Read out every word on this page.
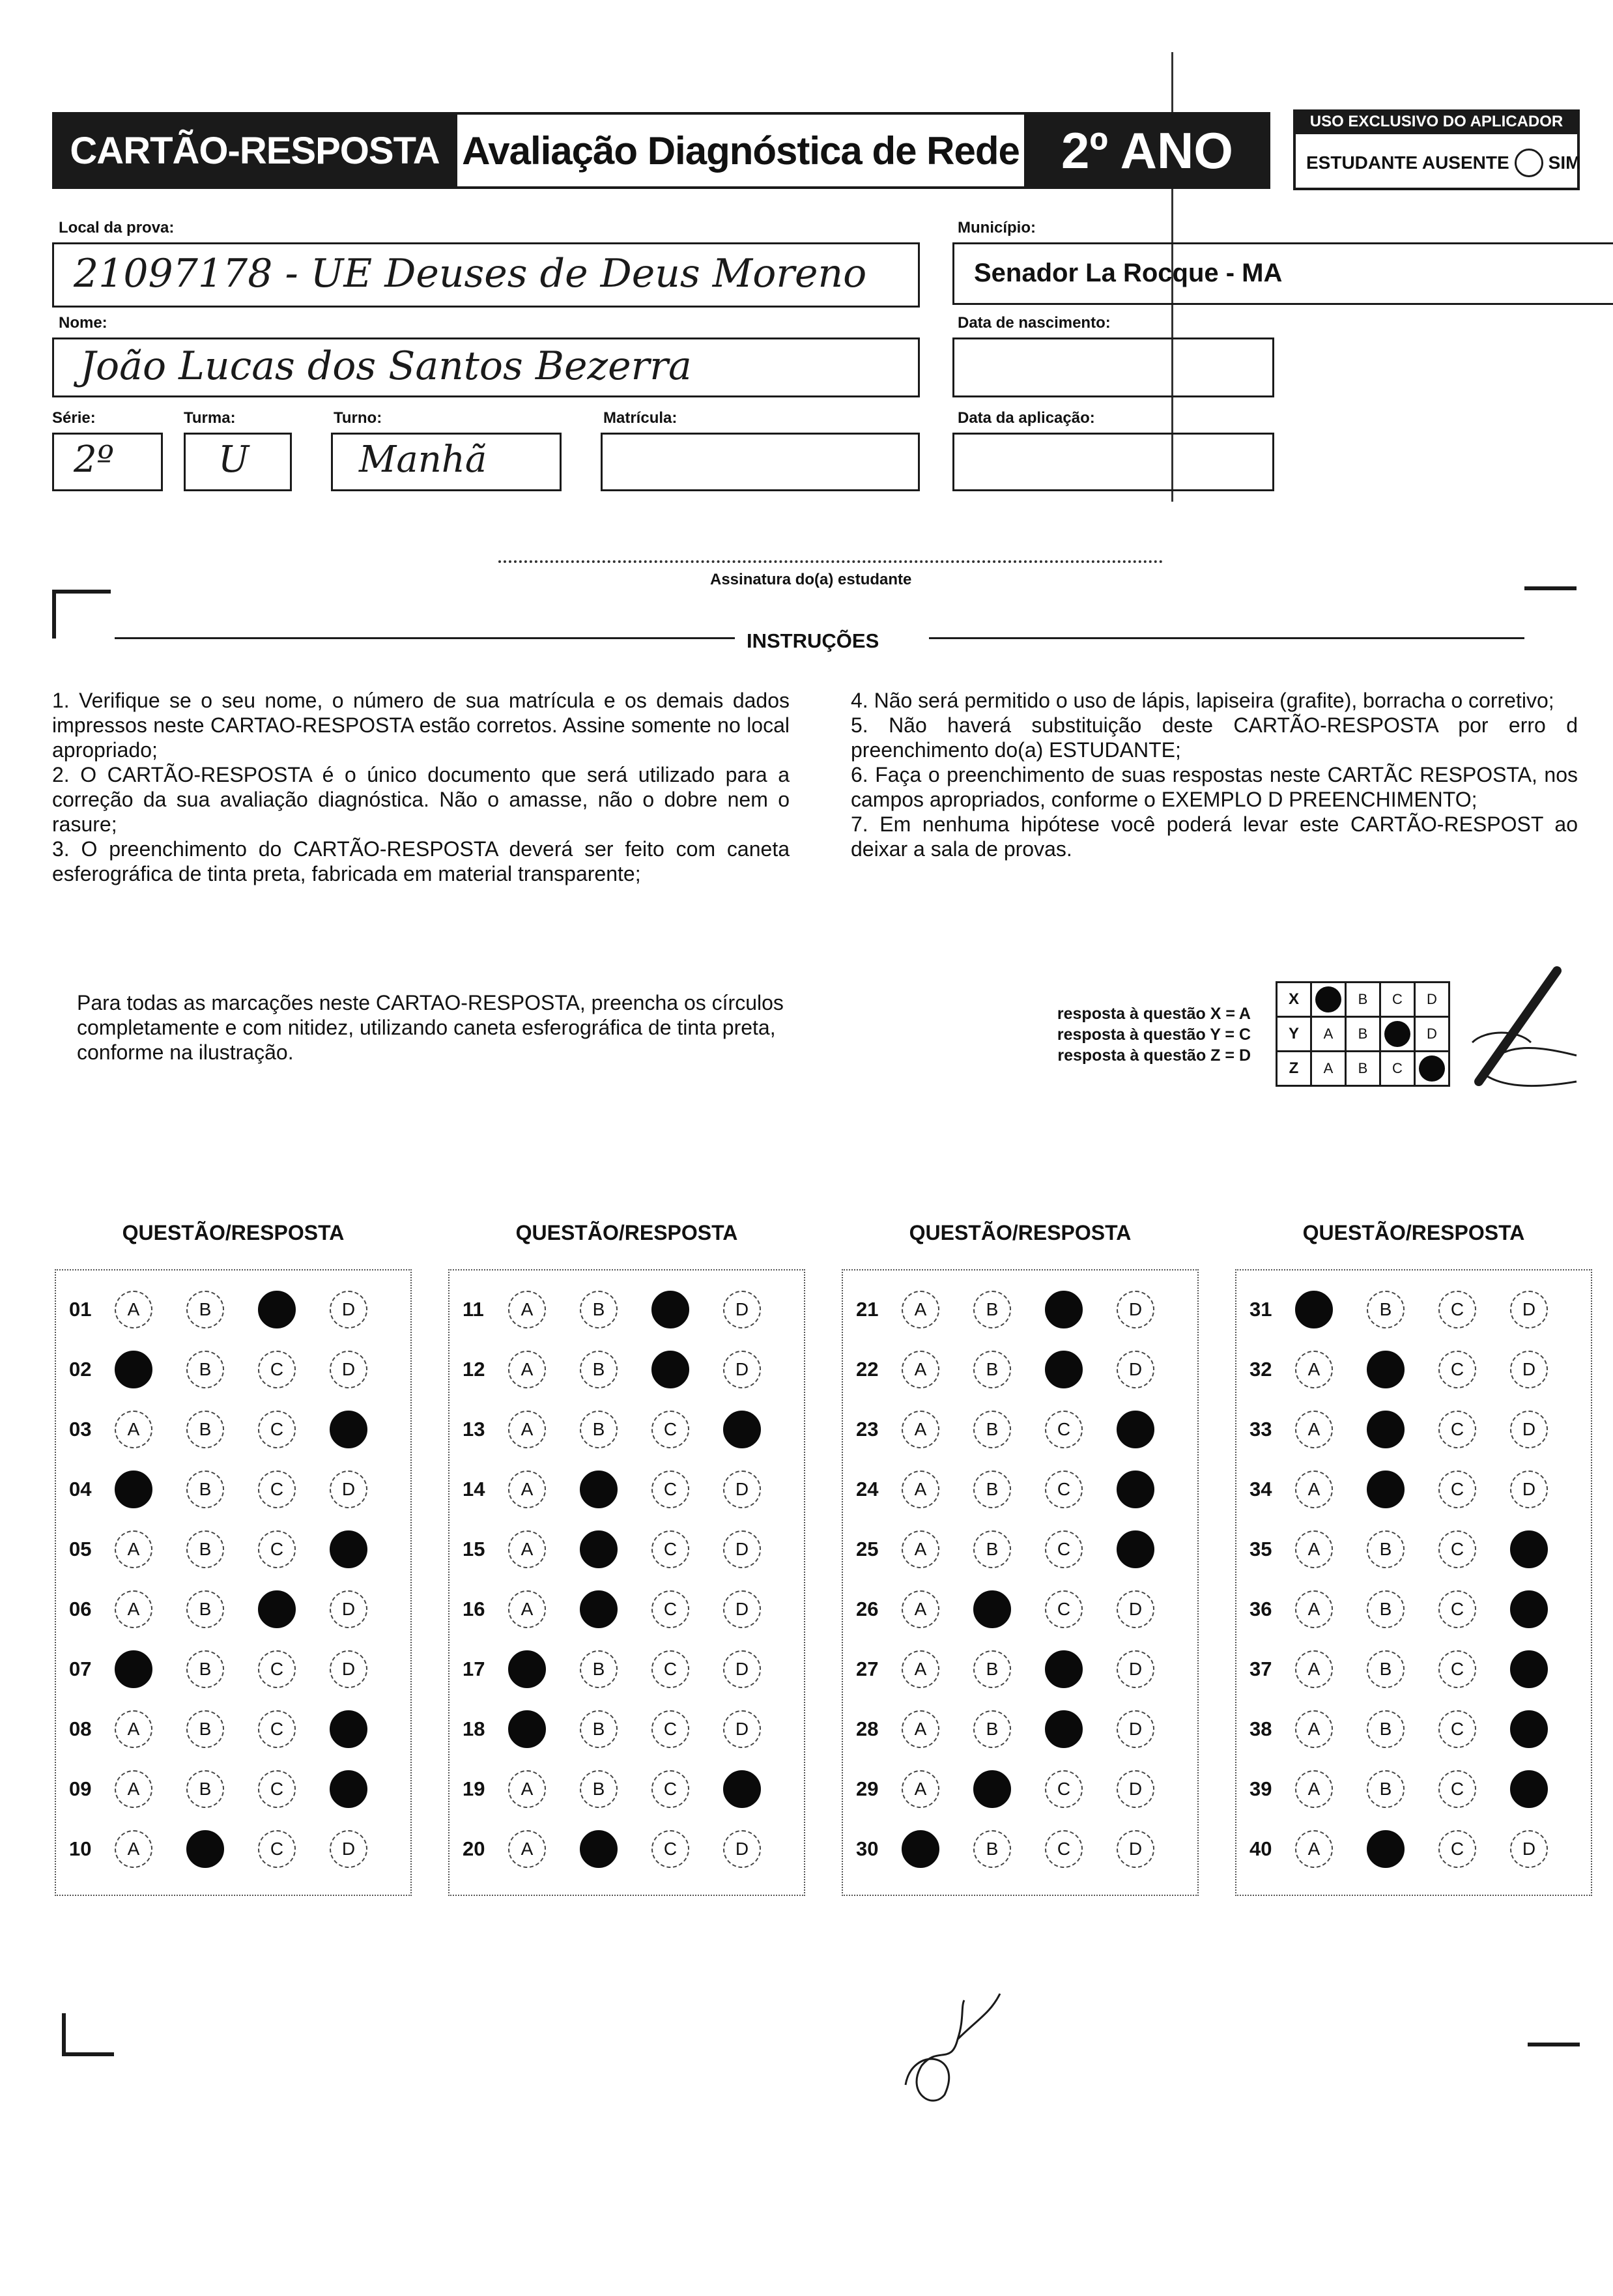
CARTÃO-RESPOSTA Avaliação Diagnóstica de Rede 2º ANO	USO EXCLUSIVO DO APLICADOR
ESTUDANTE AUSENTE SIM
Local da prova:
21097178 - UE Deuses de Deus Moreno
Município:
Senador La Rocque - MA
Nome:
João Lucas dos Santos Bezerra
Data de nascimento:
Série:
2º
Turma:
U
Turno:
Manhã
Matrícula:	Data da aplicação:
Assinatura do(a) estudante
INSTRUÇÕES

1. Verifique se o seu nome, o número de sua matrícula e os demais dados impressos neste CARTAO-RESPOSTA estão corretos. Assine somente no local apropriado;

2. O CARTÃO-RESPOSTA é o único documento que será utilizado para a correção da sua avaliação diagnóstica. Não o amasse, não o dobre nem o rasure;

3. O preenchimento do CARTÃO-RESPOSTA deverá ser feito com caneta esferográfica de tinta preta, fabricada em material transparente;

4. Não será permitido o uso de lápis, lapiseira (grafite), borracha o corretivo;

5. Não haverá substituição deste CARTÃO-RESPOSTA por erro d preenchimento do(a) ESTUDANTE;

6. Faça o preenchimento de suas respostas neste CARTÃC RESPOSTA, nos campos apropriados, conforme o EXEMPLO D PREENCHIMENTO;

7. Em nenhuma hipótese você poderá levar este CARTÃO-RESPOST ao deixar a sala de provas.

Para todas as marcações neste CARTAO-RESPOSTA, preencha os círculos completamente e com nitidez, utilizando caneta esferográfica de tinta preta, conforme na ilustração.
resposta à questão X = A
resposta à questão Y = C
resposta à questão Z = D
X		B	C	D
Y	A	B		D
Z	A	B	C	
QUESTÃO/RESPOSTA
01	A	B	D
02	B	C	D
03	A	B	C
04	B	C	D
05	A	B	C
06	A	B	D
07	B	C	D
08	A	B	C
09	A	B	C
10	A	C	D
QUESTÃO/RESPOSTA
11	A	B	D
12	A	B	D
13	A	B	C
14	A	C	D
15	A	C	D
16	A	C	D
17	B	C	D
18	B	C	D
19	A	B	C
20	A	C	D
QUESTÃO/RESPOSTA
21	A	B	D
22	A	B	D
23	A	B	C
24	A	B	C
25	A	B	C
26	A	C	D
27	A	B	D
28	A	B	D
29	A	C	D
30	B	C	D
QUESTÃO/RESPOSTA
31	B	C	D
32	A	C	D
33	A	C	D
34	A	C	D
35	A	B	C
36	A	B	C
37	A	B	C
38	A	B	C
39	A	B	C
40	A	C	D
